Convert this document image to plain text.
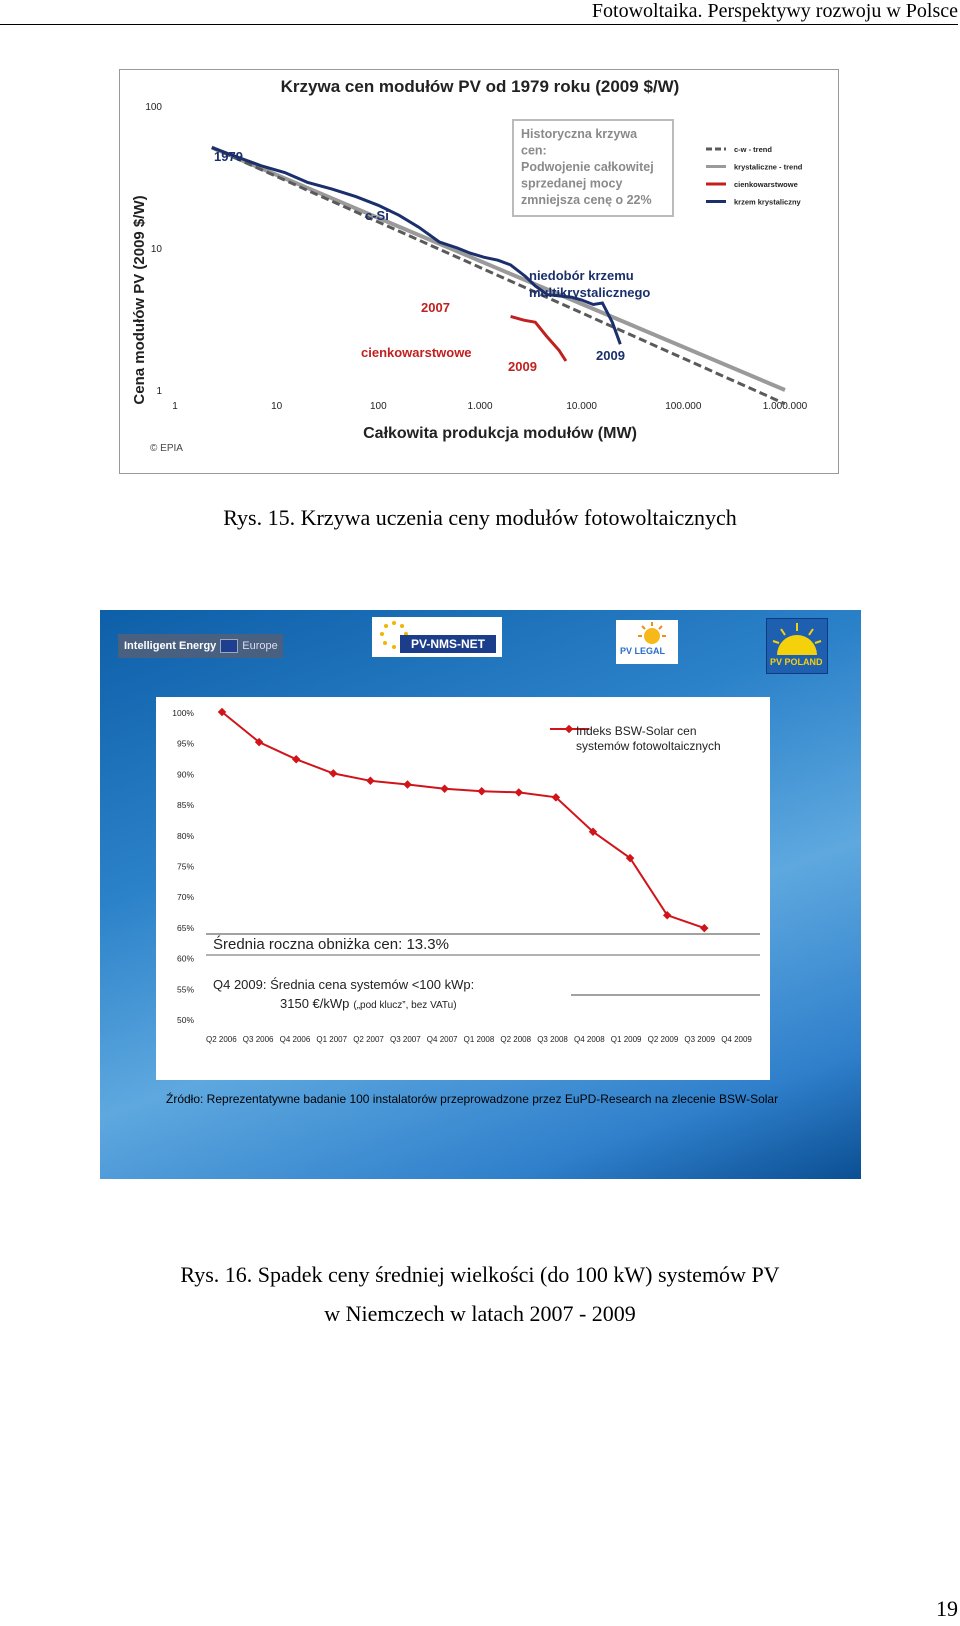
Fotowoltaika. Perspektywy rozwoju w Polsce
Krzywa cen modułów PV od 1979 roku (2009 $/W)
Cena modułów PV (2009 $/W)
Całkowita produkcja modułów (MW)
1	10	100	1.000	10.000	100.000	1.000.000
1
10
100
Historyczna krzywa
cen:
Podwojenie całkowitej
sprzedanej mocy
zmniejsza cenę o 22%
c-w - trend
krystaliczne - trend
cienkowarstwowe
krzem krystaliczny
1979
c-Si
2007
cienkowarstwowe
2009
2009
niedobór krzemu
multikrystalicznego
© EPIA
Rys. 15. Krzywa uczenia ceny modułów fotowoltaicznych
Intelligent Energy Europe	PV-NMS-NET	PV LEGAL
PV POLAND
100%
95%
90%
85%
80%
75%
70%
65%
60%
55%
50%
Q2 2006 Q3 2006 Q4 2006 Q1 2007 Q2 2007 Q3 2007 Q4 2007 Q1 2008 Q2 2008 Q3 2008 Q4 2008 Q1 2009 Q2 2009 Q3 2009 Q4 2009
Indeks BSW-Solar cen
systemów fotowoltaicznych
Średnia roczna obniżka cen: 13.3%
Q4 2009: Średnia cena systemów <100 kWp:
3150 €/kWp („pod klucz”, bez VATu)
Źródło: Reprezentatywne badanie 100 instalatorów przeprowadzone przez EuPD-Research na zlecenie BSW-Solar
Rys. 16. Spadek ceny średniej wielkości (do 100 kW) systemów PV
w Niemczech w latach 2007 - 2009
19
